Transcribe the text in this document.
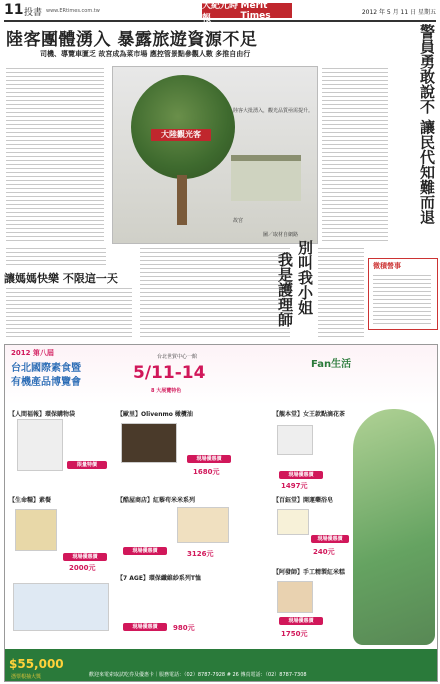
11 投書 www.ERtimes.com.tw
大紀元時報
Merit Times	2012 年 5 月 11 日 星期五
陸客團體湧入 暴露旅遊資源不足
司機、導覽車匱乏 故宮成為菜市場 應控管景點參觀人數 多推自由行
大陸觀光客
故宮
陸客大批湧入，觀光品質亟需提升。
圖／取材自網路
警員勇敢說不 讓民代知難而退
讓媽媽快樂 不限這一天	別叫我小姐
我是護理師	微積營事
2012 第八屆
台北國際素食暨
有機產品博覽會	5/11-14
台北世貿中心一館
8 大展覽特色
Fan生活
【人間福報】環保購物袋
限量特價
【歐里】Olivenmo 橄欖油
現場優惠價
1680元
【靚本堂】女王款點滴花茶
現場優惠價
1497元
【生命糧】素餐
現場優惠價
2000元
【酷屋商店】紅藜苟米米系列
現場優惠價	3126元
【百鈺堂】開運藥浴皂
現場優惠價
240元
【7 AGE】環保纖維紗系列T恤
現場優惠價	980元
【阿發師】手工精製紅米糕
現場優惠價
1750元
$55,000
憑票根抽大獎	歡迎來電索取試吃券及優惠卡｜服務電話：（02）8787-7928 # 26 傳真電話：（02）8787-7308
